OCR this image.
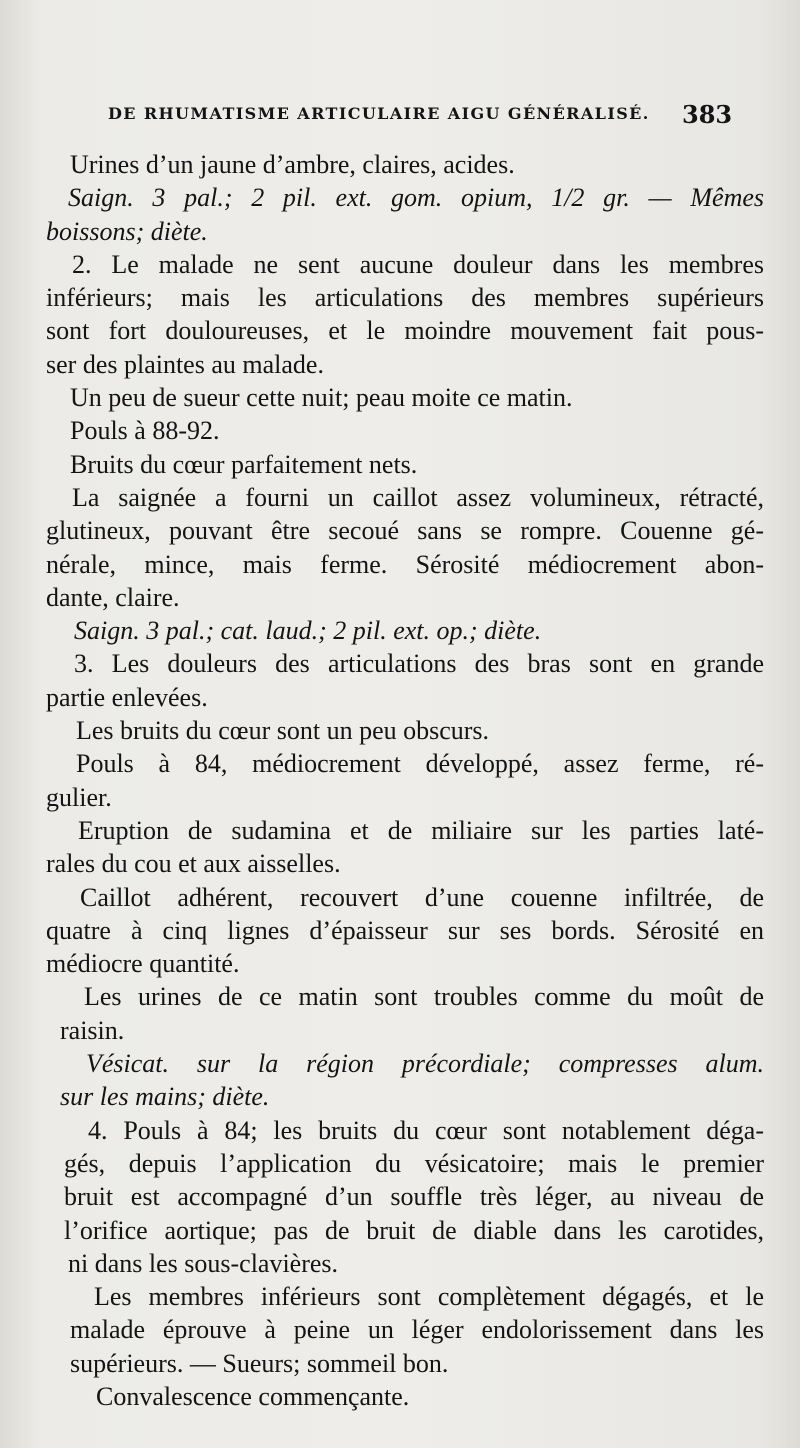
DE RHUMATISME ARTICULAIRE AIGU GÉNÉRALISÉ. 383
Urines d’un jaune d’ambre, claires, acides.
Saign. 3 pal.; 2 pil. ext. gom. opium, 1/2 gr. — Mêmes
boissons; diète.
2. Le malade ne sent aucune douleur dans les membres
inférieurs; mais les articulations des membres supérieurs
sont fort douloureuses, et le moindre mouvement fait pous-
ser des plaintes au malade.
Un peu de sueur cette nuit; peau moite ce matin.
Pouls à 88-92.
Bruits du cœur parfaitement nets.
La saignée a fourni un caillot assez volumineux, rétracté,
glutineux, pouvant être secoué sans se rompre. Couenne gé-
nérale, mince, mais ferme. Sérosité médiocrement abon-
dante, claire.
Saign. 3 pal.; cat. laud.; 2 pil. ext. op.; diète.
3. Les douleurs des articulations des bras sont en grande
partie enlevées.
Les bruits du cœur sont un peu obscurs.
Pouls à 84, médiocrement développé, assez ferme, ré-
gulier.
Eruption de sudamina et de miliaire sur les parties laté-
rales du cou et aux aisselles.
Caillot adhérent, recouvert d’une couenne infiltrée, de
quatre à cinq lignes d’épaisseur sur ses bords. Sérosité en
médiocre quantité.
Les urines de ce matin sont troubles comme du moût de
raisin.
Vésicat. sur la région précordiale; compresses alum.
sur les mains; diète.
4. Pouls à 84; les bruits du cœur sont notablement déga-
gés, depuis l’application du vésicatoire; mais le premier
bruit est accompagné d’un souffle très léger, au niveau de
l’orifice aortique; pas de bruit de diable dans les carotides,
ni dans les sous-clavières.
Les membres inférieurs sont complètement dégagés, et le
malade éprouve à peine un léger endolorissement dans les
supérieurs. — Sueurs; sommeil bon.
Convalescence commençante.
